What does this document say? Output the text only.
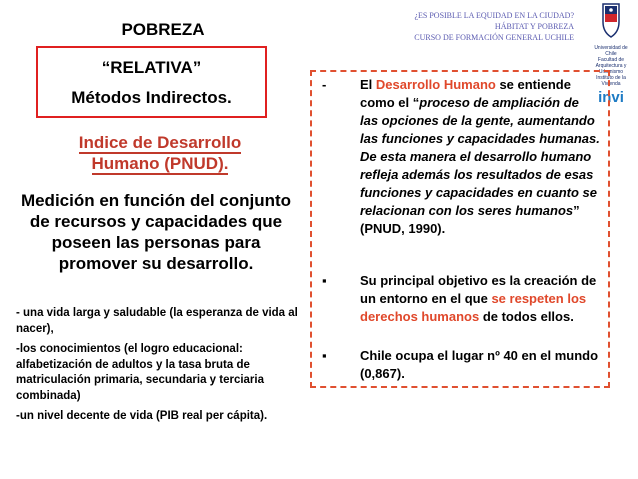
POBREZA
“RELATIVA”
Métodos Indirectos.
¿ES POSIBLE LA EQUIDAD EN LA CIUDAD?
HÁBITAT Y POBREZA
CURSO DE FORMACIÓN GENERAL UCHILE
Universidad de Chile
Facultad de Arquitectura y Urbanismo
Instituto de la Vivienda
invi
Indice de Desarrollo
Humano (PNUD).
Medición en función del conjunto de recursos y capacidades que poseen las personas para promover su desarrollo.

- una vida larga y saludable (la esperanza de vida al nacer),

-los conocimientos (el logro educacional: alfabetización de adultos y la tasa bruta de matriculación primaria, secundaria y terciaria combinada)

-un nivel decente de vida (PIB real per cápita).

-	El Desarrollo Humano se entiende como el “proceso de ampliación de las opciones de la gente, aumentando las funciones y capacidades humanas. De esta manera el desarrollo humano refleja además los resultados de esas funciones y capacidades en cuanto se relacionan con los seres humanos” (PNUD, 1990).
▪	Su principal objetivo es la creación de un entorno en el que se respeten los derechos humanos de todos ellos.
▪	Chile ocupa el lugar nº 40 en el mundo (0,867).
